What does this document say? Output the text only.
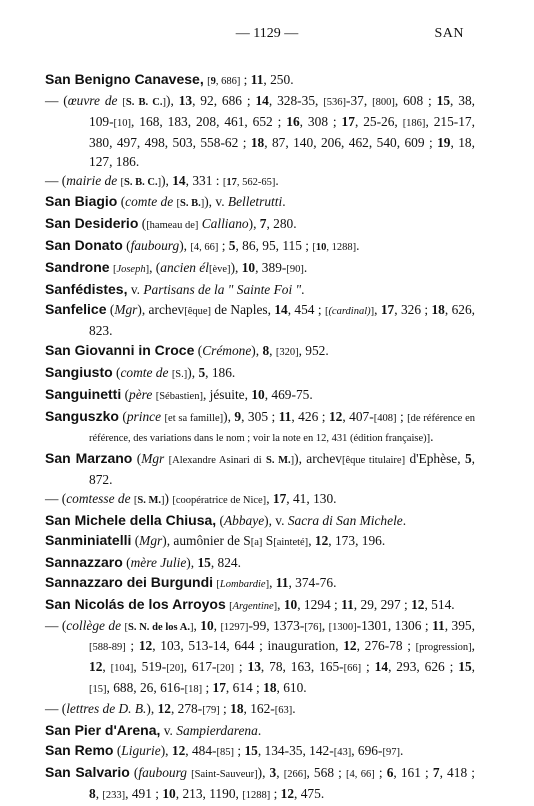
— 1129 —	SAN

San Benigno Canavese, [9, 686] ; 11, 250.

— (œuvre de [S. B. C.]), 13, 92, 686 ; 14, 328-35, [536]-37, [800], 608 ; 15, 38, 109-[10], 168, 183, 208, 461, 652 ; 16, 308 ; 17, 25-26, [186], 215-17, 380, 497, 498, 503, 558-62 ; 18, 87, 140, 206, 462, 540, 609 ; 19, 18, 127, 186.

— (mairie de [S. B. C.]), 14, 331 : [17, 562-65].

San Biagio (comte de [S. B.]), v. Belletrutti.

San Desiderio ([hameau de] Calliano), 7, 280.

San Donato (faubourg), [4, 66] ; 5, 86, 95, 115 ; [10, 1288].

Sandrone [Joseph], (ancien él[ève]), 10, 389-[90].

Sanfédistes, v. Partisans de la " Sainte Foi ".

Sanfelice (Mgr), archev[êque] de Naples, 14, 454 ; [(cardinal)], 17, 326 ; 18, 626, 823.

San Giovanni in Croce (Crémone), 8, [320], 952.

Sangiusto (comte de [S.]), 5, 186.

Sanguinetti (père [Sébastien], jésuite, 10, 469-75.

Sanguszko (prince [et sa famille]), 9, 305 ; 11, 426 ; 12, 407-[408] ; [de référence en référence, des variations dans le nom ; voir la note en 12, 431 (édition française)].

San Marzano (Mgr [Alexandre Asinari di S. M.]), archev[êque titulaire] d'Ephèse, 5, 872.

— (comtesse de [S. M.]) [coopératrice de Nice], 17, 41, 130.

San Michele della Chiusa, (Abbaye), v. Sacra di San Michele.

Sanminiatelli (Mgr), aumônier de S[a] S[ainteté], 12, 173, 196.

Sannazzaro (mère Julie), 15, 824.

Sannazzaro dei Burgundi [Lombardie], 11, 374-76.

San Nicolás de los Arroyos [Argentine], 10, 1294 ; 11, 29, 297 ; 12, 514.

— (collège de [S. N. de los A.], 10, [1297]-99, 1373-[76], [1300]-1301, 1306 ; 11, 395, [588-89] ; 12, 103, 513-14, 644 ; inauguration, 12, 276-78 ; [progression], 12, [104], 519-[20], 617-[20] ; 13, 78, 163, 165-[66] ; 14, 293, 626 ; 15, [15], 688, 26, 616-[18] ; 17, 614 ; 18, 610.

— (lettres de D. B.), 12, 278-[79] ; 18, 162-[63].

San Pier d'Arena, v. Sampierdarena.

San Remo (Ligurie), 12, 484-[85] ; 15, 134-35, 142-[43], 696-[97].

San Salvario (faubourg [Saint-Sauveur]), 3, [266], 568 ; [4, 66] ; 6, 161 ; 7, 418 ; 8, [233], 491 ; 10, 213, 1190, [1288] ; 12, 475.
